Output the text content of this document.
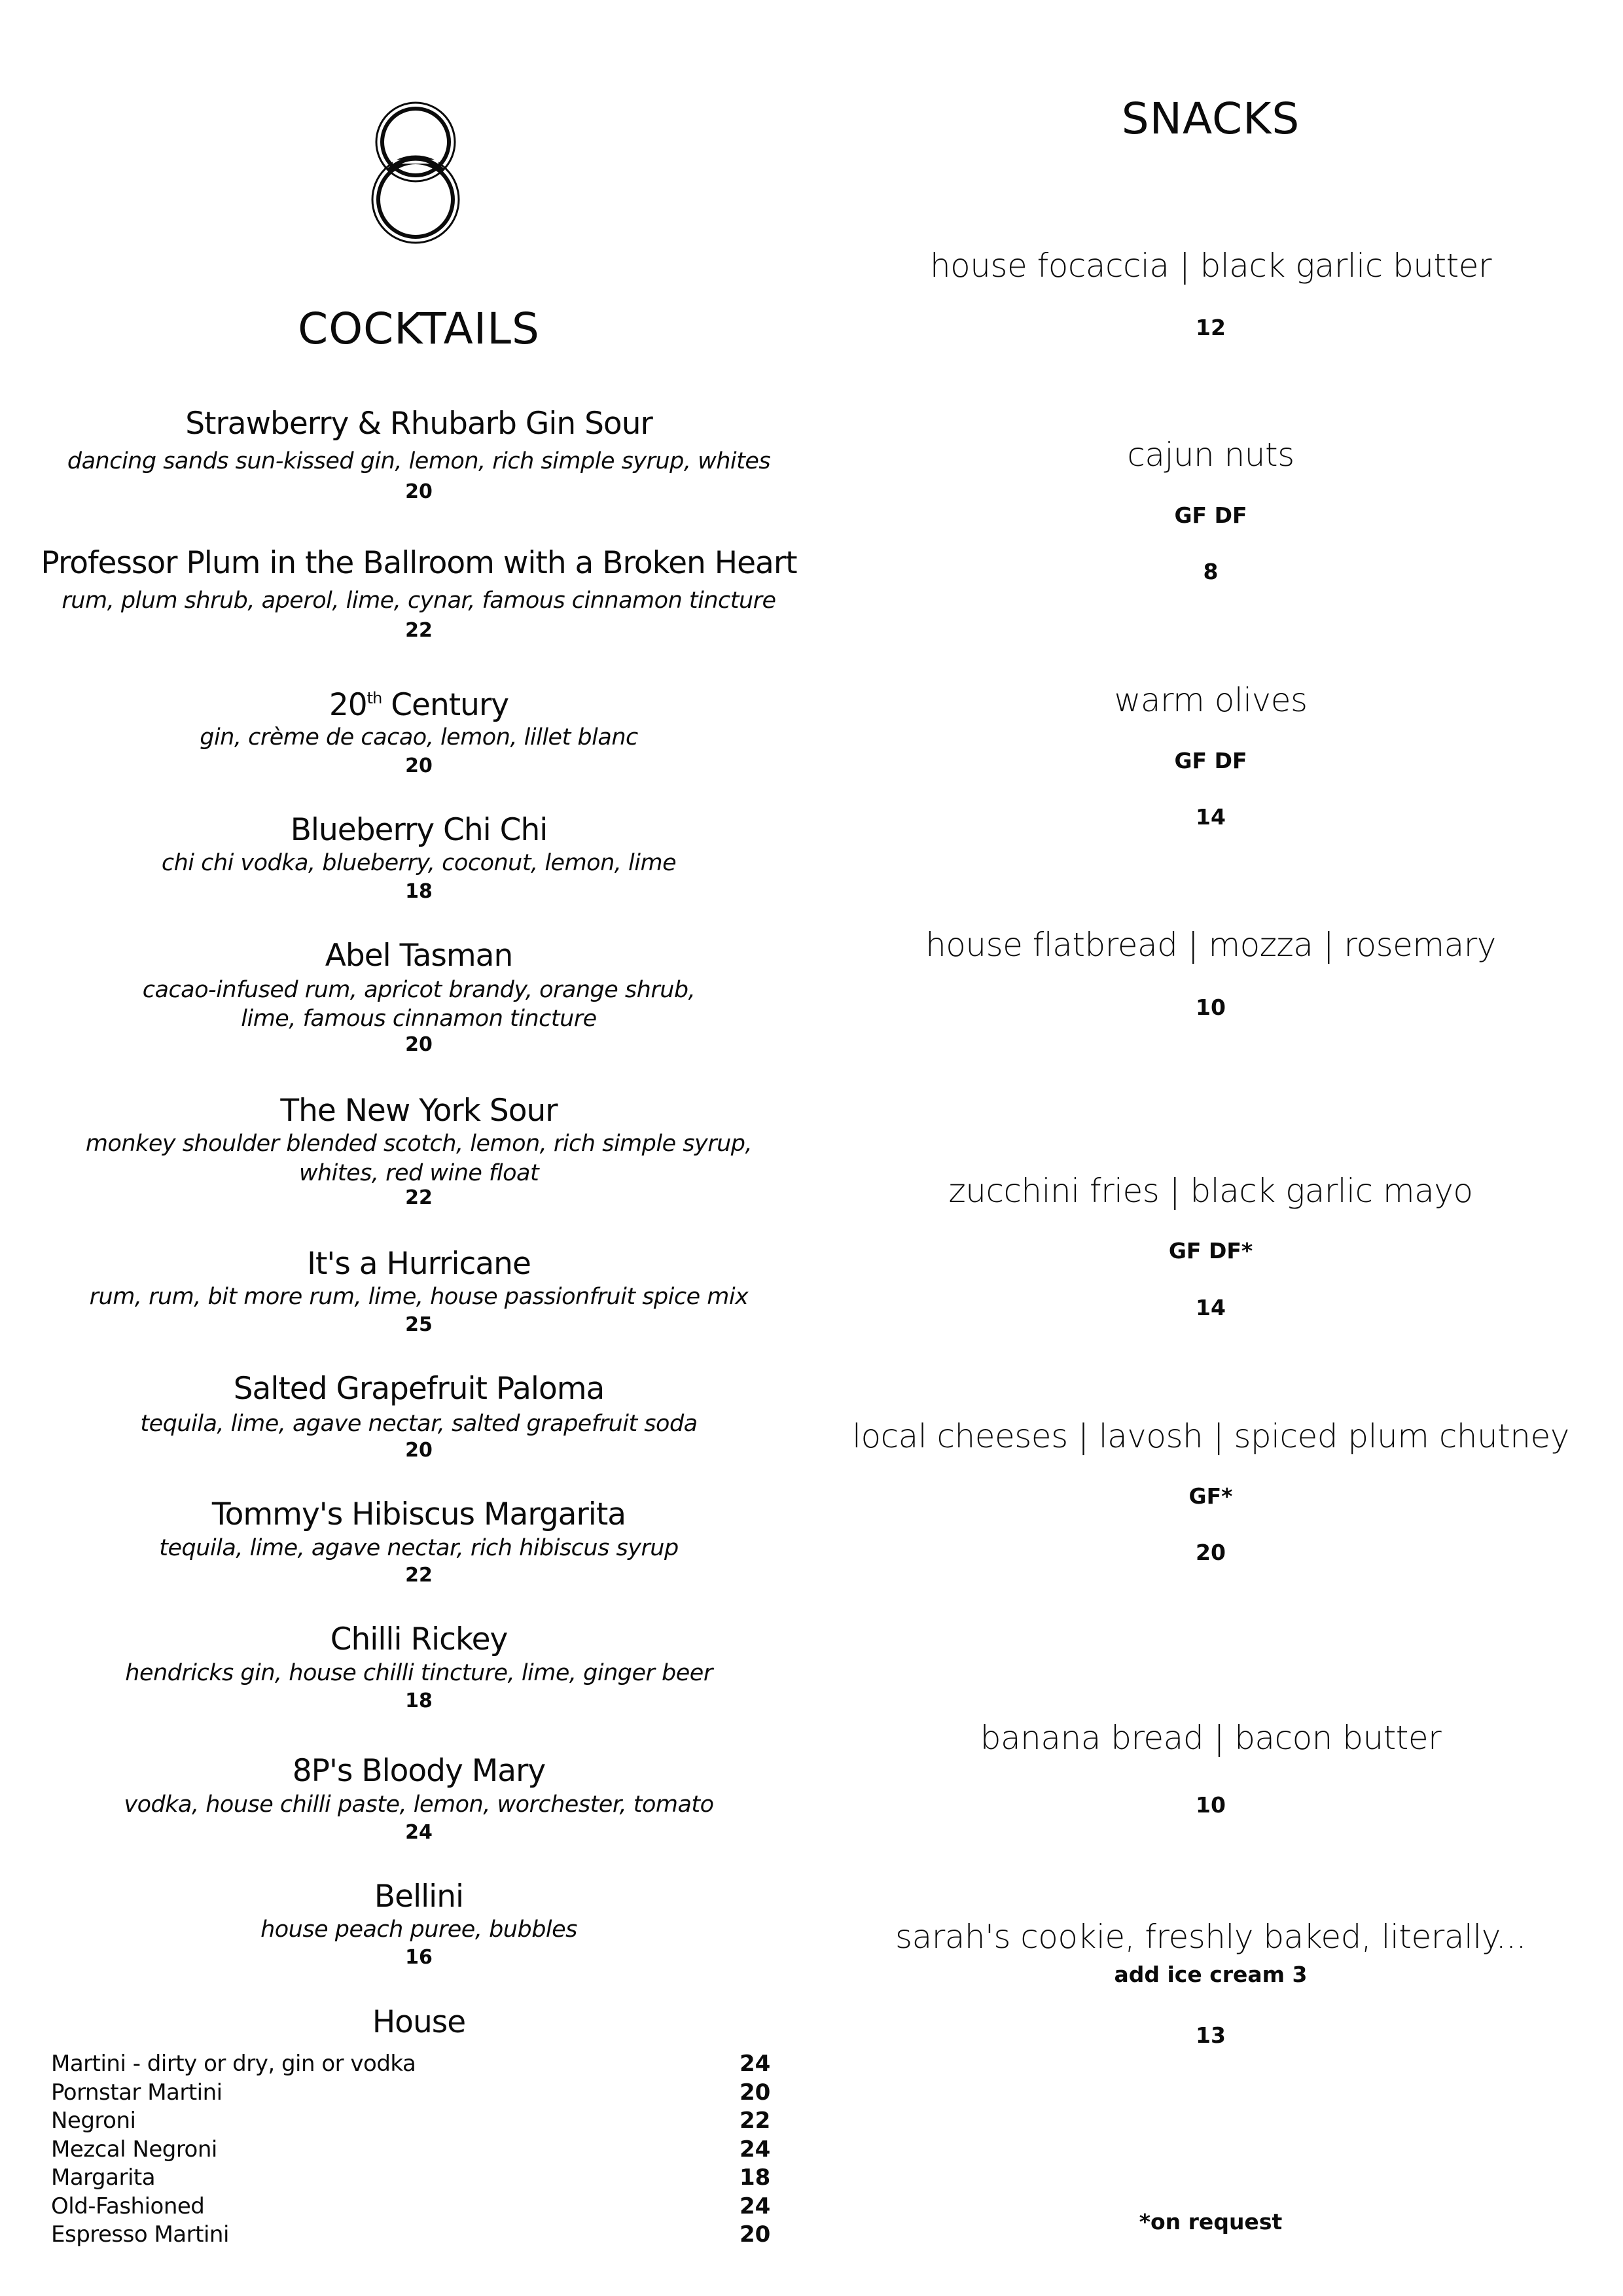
COCKTAILS
Strawberry & Rhubarb Gin Sour
dancing sands sun-kissed gin, lemon, rich simple syrup, whites
20
Professor Plum in the Ballroom with a Broken Heart
rum, plum shrub, aperol, lime, cynar, famous cinnamon tincture
22
20th Century
gin, crème de cacao, lemon, lillet blanc
20
Blueberry Chi Chi
chi chi vodka, blueberry, coconut, lemon, lime
18
Abel Tasman
cacao-infused rum, apricot brandy, orange shrub,
lime, famous cinnamon tincture
20
The New York Sour
monkey shoulder blended scotch, lemon, rich simple syrup,
whites, red wine float
22
It's a Hurricane
rum, rum, bit more rum, lime, house passionfruit spice mix
25
Salted Grapefruit Paloma
tequila, lime, agave nectar, salted grapefruit soda
20
Tommy's Hibiscus Margarita
tequila, lime, agave nectar, rich hibiscus syrup
22
Chilli Rickey
hendricks gin, house chilli tincture, lime, ginger beer
18
8P's Bloody Mary
vodka, house chilli paste, lemon, worchester, tomato
24
Bellini
house peach puree, bubbles
16
House
Martini - dirty or dry, gin or vodka	24
Pornstar Martini	20
Negroni	22
Mezcal Negroni	24
Margarita	18
Old-Fashioned	24
Espresso Martini	20
SNACKS
house focaccia | black garlic butter
12
cajun nuts
GF DF
8
warm olives
GF DF
14
house flatbread | mozza | rosemary
10
zucchini fries | black garlic mayo
GF DF*
14
local cheeses | lavosh | spiced plum chutney
GF*
20
banana bread | bacon butter
10
sarah's cookie, freshly baked, literally...
add ice cream 3
13
*on request
